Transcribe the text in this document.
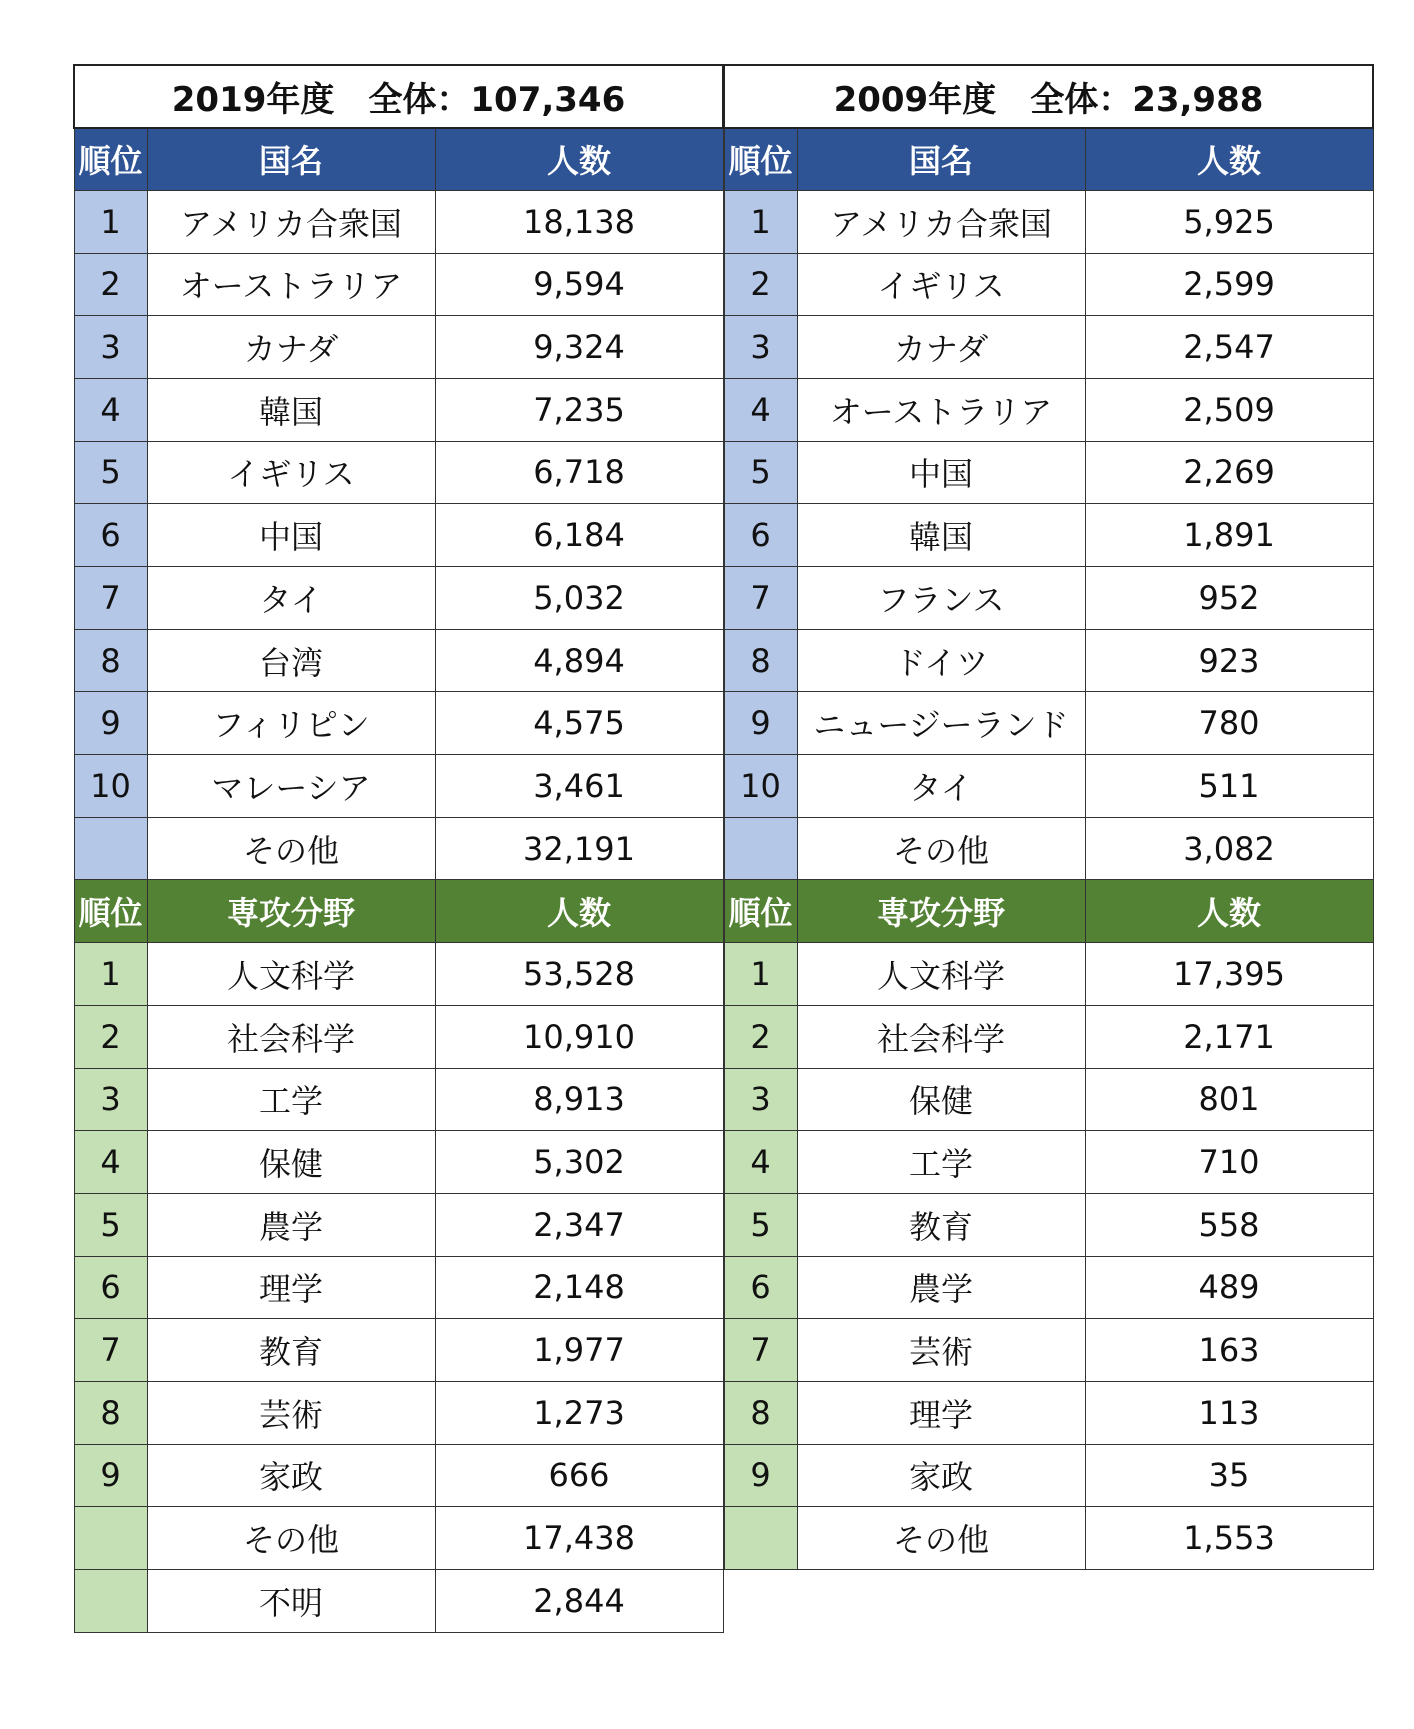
2019年度　全体：107,346		
順位	国名	人数
1	アメリカ合衆国	18,138
2	オーストラリア	9,594
3	カナダ	9,324
4	韓国	7,235
5	イギリス	6,718
6	中国	6,184
7	タイ	5,032
8	台湾	4,894
9	フィリピン	4,575
10	マレーシア	3,461
	その他	32,191
順位	専攻分野	人数
1	人文科学	53,528
2	社会科学	10,910
3	工学	8,913
4	保健	5,302
5	農学	2,347
6	理学	2,148
7	教育	1,977
8	芸術	1,273
9	家政	666
	その他	17,438
	不明	2,844
2009年度　全体：23,988		
順位	国名	人数
1	アメリカ合衆国	5,925
2	イギリス	2,599
3	カナダ	2,547
4	オーストラリア	2,509
5	中国	2,269
6	韓国	1,891
7	フランス	952
8	ドイツ	923
9	ニュージーランド	780
10	タイ	511
	その他	3,082
順位	専攻分野	人数
1	人文科学	17,395
2	社会科学	2,171
3	保健	801
4	工学	710
5	教育	558
6	農学	489
7	芸術	163
8	理学	113
9	家政	35
	その他	1,553
